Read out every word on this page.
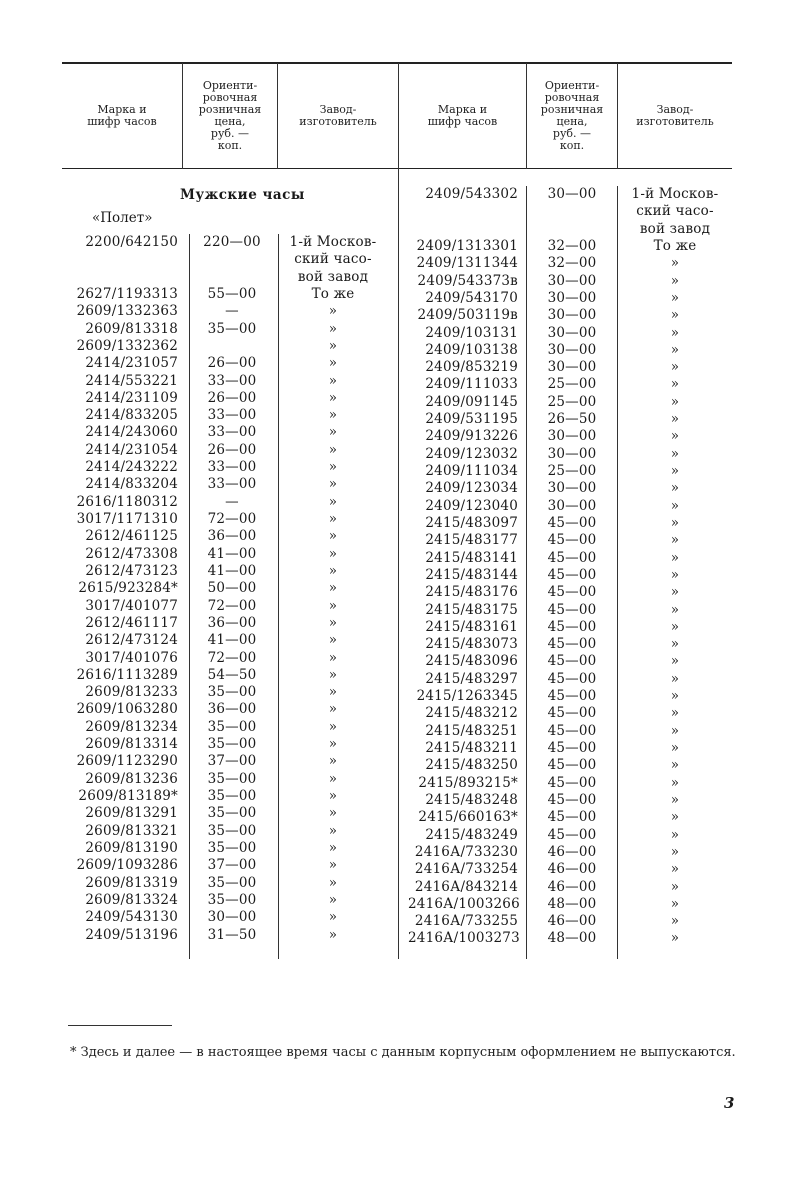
Марка и
шифр часов
Ориенти-
ровочная
розничная
цена,
руб. —
коп.
Завод-
изготовитель
Марка и
шифр часов
Ориенти-
ровочная
розничная
цена,
руб. —
коп.
Завод-
изготовитель
Мужские часы
«Полет»
2200/642150
2627/1193313
2609/1332363
2609/813318
2609/1332362
2414/231057
2414/553221
2414/231109
2414/833205
2414/243060
2414/231054
2414/243222
2414/833204
2616/1180312
3017/1171310
2612/461125
2612/473308
2612/473123
2615/923284*
3017/401077
2612/461117
2612/473124
3017/401076
2616/1113289
2609/813233
2609/1063280
2609/813234
2609/813314
2609/1123290
2609/813236
2609/813189*
2609/813291
2609/813321
2609/813190
2609/1093286
2609/813319
2609/813324
2409/543130
2409/513196
220—00
55—00
—
35—00
26—00
33—00
26—00
33—00
33—00
26—00
33—00
33—00
—
72—00
36—00
41—00
41—00
50—00
72—00
36—00
41—00
72—00
54—50
35—00
36—00
35—00
35—00
37—00
35—00
35—00
35—00
35—00
35—00
37—00
35—00
35—00
30—00
31—50
1-й Москов-
ский часо-
вой завод
То же
»
»
»
»
»
»
»
»
»
»
»
»
»
»
»
»
»
»
»
»
»
»
»
»
»
»
»
»
»
»
»
»
»
»
»
»
»
2409/543302
2409/1313301
2409/1311344
2409/543373в
2409/543170
2409/503119в
2409/103131
2409/103138
2409/853219
2409/111033
2409/091145
2409/531195
2409/913226
2409/123032
2409/111034
2409/123034
2409/123040
2415/483097
2415/483177
2415/483141
2415/483144
2415/483176
2415/483175
2415/483161
2415/483073
2415/483096
2415/483297
2415/1263345
2415/483212
2415/483251
2415/483211
2415/483250
2415/893215*
2415/483248
2415/660163*
2415/483249
2416А/733230
2416А/733254
2416А/843214
2416А/1003266
2416А/733255
2416А/1003273
30—00
32—00
32—00
30—00
30—00
30—00
30—00
30—00
30—00
25—00
25—00
26—50
30—00
30—00
25—00
30—00
30—00
45—00
45—00
45—00
45—00
45—00
45—00
45—00
45—00
45—00
45—00
45—00
45—00
45—00
45—00
45—00
45—00
45—00
45—00
45—00
46—00
46—00
46—00
48—00
46—00
48—00
1-й Москов-
ский часо-
вой завод
То же
»
»
»
»
»
»
»
»
»
»
»
»
»
»
»
»
»
»
»
»
»
»
»
»
»
»
»
»
»
»
»
»
»
»
»
»
»
»
»
»
* Здесь и далее — в настоящее время часы с данным корпусным оформлением не выпускаются.
3
